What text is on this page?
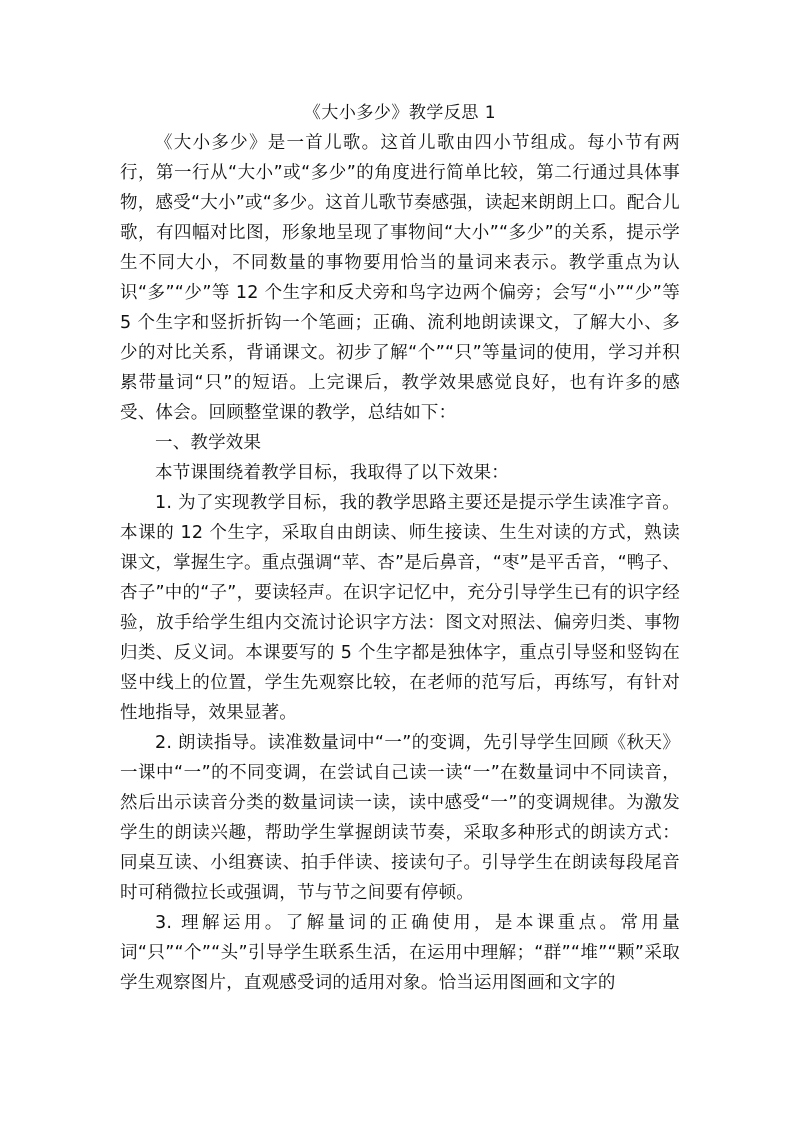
《大小多少》教学反思 1

《大小多少》是一首儿歌。这首儿歌由四小节组成。每小节有两行，第一行从“大小”或“多少”的角度进行简单比较，第二行通过具体事物，感受“大小”或“多少。这首儿歌节奏感强，读起来朗朗上口。配合儿歌，有四幅对比图，形象地呈现了事物间“大小”“多少”的关系，提示学生不同大小，不同数量的事物要用恰当的量词来表示。教学重点为认识“多”“少”等 12 个生字和反犬旁和鸟字边两个偏旁；会写“小”“少”等 5 个生字和竖折折钩一个笔画；正确、流利地朗读课文，了解大小、多少的对比关系，背诵课文。初步了解“个”“只”等量词的使用，学习并积累带量词“只”的短语。上完课后，教学效果感觉良好，也有许多的感受、体会。回顾整堂课的教学，总结如下：

一、教学效果

本节课围绕着教学目标，我取得了以下效果：

1. 为了实现教学目标，我的教学思路主要还是提示学生读准字音。本课的 12 个生字，采取自由朗读、师生接读、生生对读的方式，熟读课文，掌握生字。重点强调“苹、杏”是后鼻音，“枣”是平舌音，“鸭子、杏子”中的“子”，要读轻声。在识字记忆中，充分引导学生已有的识字经验，放手给学生组内交流讨论识字方法：图文对照法、偏旁归类、事物归类、反义词。本课要写的 5 个生字都是独体字，重点引导竖和竖钩在竖中线上的位置，学生先观察比较，在老师的范写后，再练写，有针对性地指导，效果显著。

2. 朗读指导。读准数量词中“一”的变调，先引导学生回顾《秋天》一课中“一”的不同变调，在尝试自己读一读“一”在数量词中不同读音，然后出示读音分类的数量词读一读，读中感受“一”的变调规律。为激发学生的朗读兴趣，帮助学生掌握朗读节奏，采取多种形式的朗读方式：同桌互读、小组赛读、拍手伴读、接读句子。引导学生在朗读每段尾音时可稍微拉长或强调，节与节之间要有停顿。

3. 理解运用。了解量词的正确使用，是本课重点。常用量词“只”“个”“头”引导学生联系生活，在运用中理解；“群”“堆”“颗”采取学生观察图片，直观感受词的适用对象。恰当运用图画和文字的
